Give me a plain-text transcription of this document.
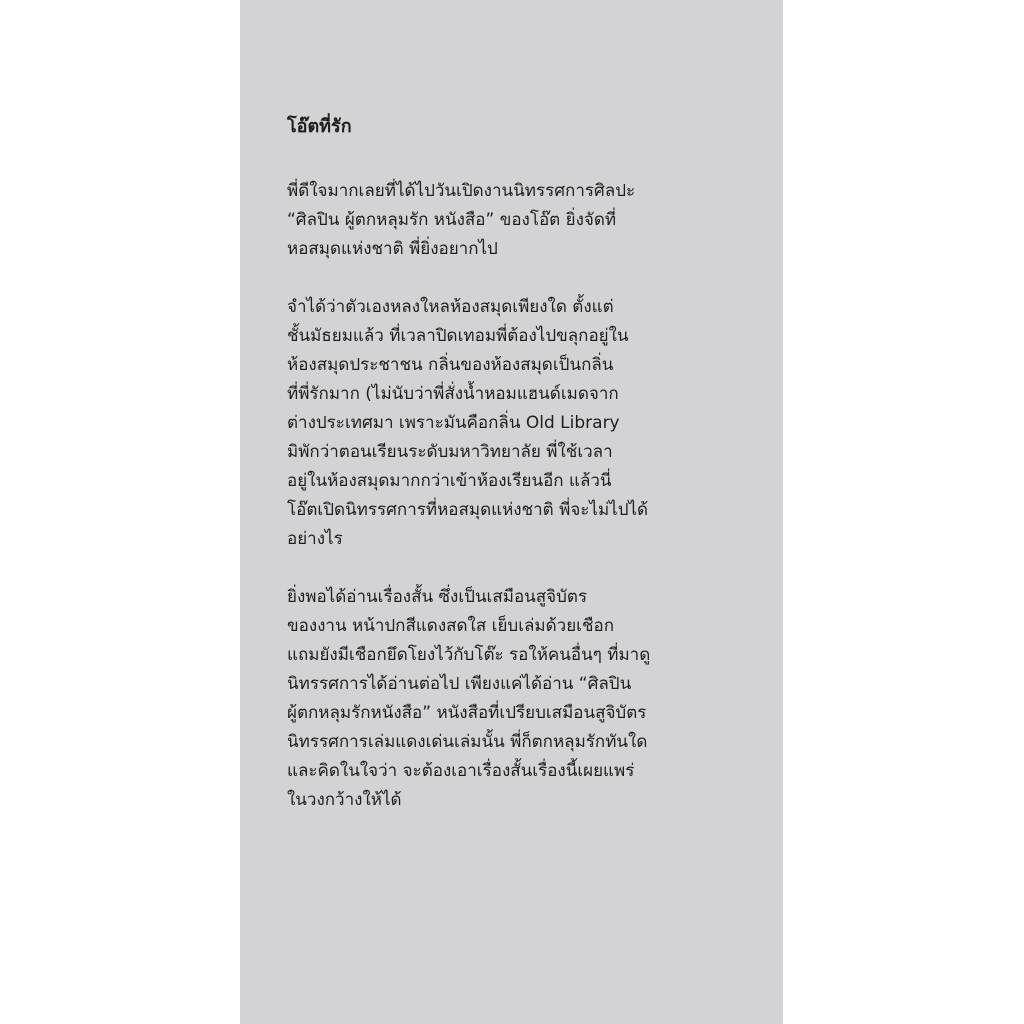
โอ๊ตที่รัก
พี่ดีใจมากเลยที่ได้ไปวันเปิดงานนิทรรศการศิลปะ
“ศิลปิน ผู้ตกหลุมรัก หนังสือ” ของโอ๊ต ยิ่งจัดที่
หอสมุดแห่งชาติ พี่ยิ่งอยากไป
จำได้ว่าตัวเองหลงใหลห้องสมุดเพียงใด ตั้งแต่
ชั้นมัธยมแล้ว ที่เวลาปิดเทอมพี่ต้องไปขลุกอยู่ใน
ห้องสมุดประชาชน กลิ่นของห้องสมุดเป็นกลิ่น
ที่พี่รักมาก (ไม่นับว่าพี่สั่งน้ำหอมแฮนด์เมดจาก
ต่างประเทศมา เพราะมันคือกลิ่น Old Library
มิพักว่าตอนเรียนระดับมหาวิทยาลัย พี่ใช้เวลา
อยู่ในห้องสมุดมากกว่าเข้าห้องเรียนอีก แล้วนี่
โอ๊ตเปิดนิทรรศการที่หอสมุดแห่งชาติ พี่จะไม่ไปได้
อย่างไร
ยิ่งพอได้อ่านเรื่องสั้น ซึ่งเป็นเสมือนสูจิบัตร
ของงาน หน้าปกสีแดงสดใส เย็บเล่มด้วยเชือก
แถมยังมีเชือกยึดโยงไว้กับโต๊ะ รอให้คนอื่นๆ ที่มาดู
นิทรรศการได้อ่านต่อไป เพียงแค่ได้อ่าน “ศิลปิน
ผู้ตกหลุมรักหนังสือ” หนังสือที่เปรียบเสมือนสูจิบัตร
นิทรรศการเล่มแดงเด่นเล่มนั้น พี่ก็ตกหลุมรักทันใด
และคิดในใจว่า จะต้องเอาเรื่องสั้นเรื่องนี้เผยแพร่
ในวงกว้างให้ได้
